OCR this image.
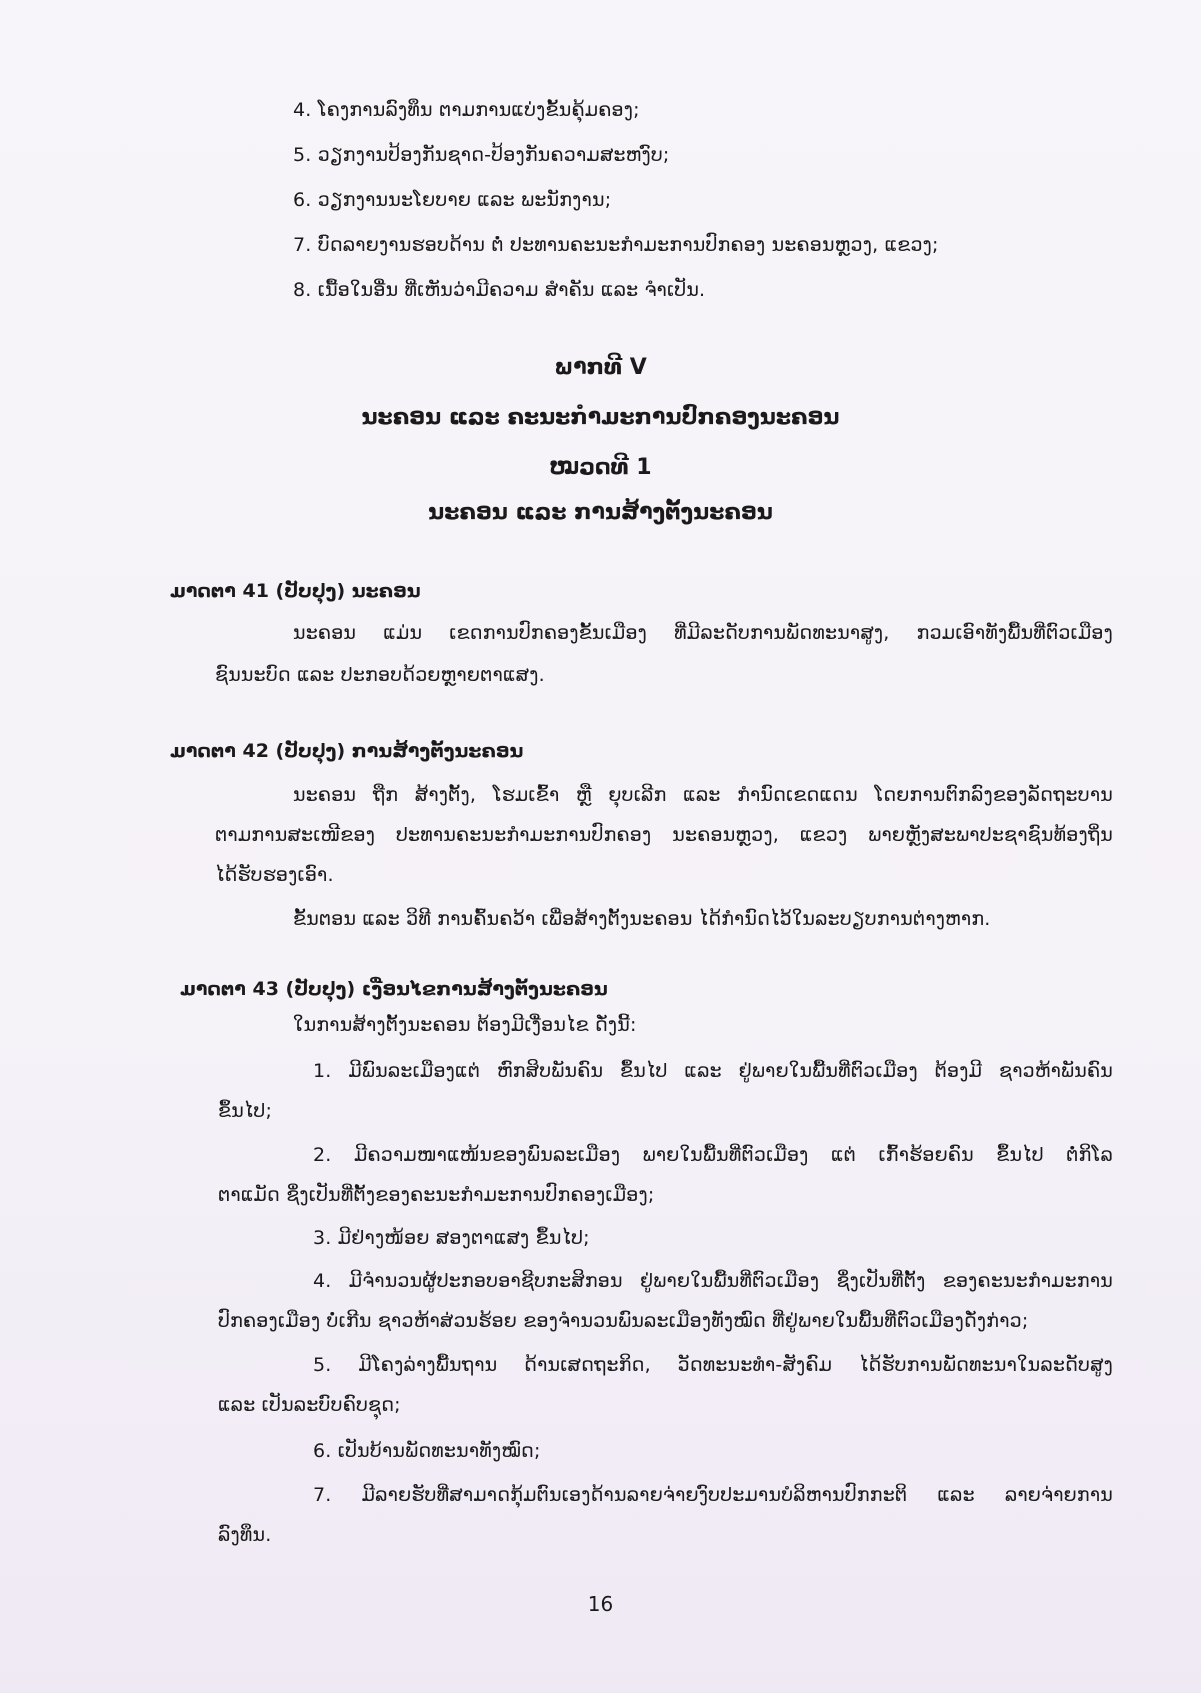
4. ໂຄງການລົງທຶນ ຕາມການແບ່ງຂັ້ນຄຸ້ມຄອງ;
5. ວຽກງານປ້ອງກັນຊາດ-ປ້ອງກັນຄວາມສະຫງົບ;
6. ວຽກງານນະໂຍບາຍ ແລະ ພະນັກງານ;
7. ບົດລາຍງານຮອບດ້ານ ຕໍ່ ປະທານຄະນະກຳມະການປົກຄອງ ນະຄອນຫຼວງ, ແຂວງ;
8. ເນື້ອໃນອື່ນ ທີ່ເຫັນວ່າມີຄວາມ ສຳຄັນ ແລະ ຈຳເປັນ.
ພາກທີ V
ນະຄອນ ແລະ ຄະນະກຳມະການປົກຄອງນະຄອນ
ໝວດທີ 1
ນະຄອນ ແລະ ການສ້າງຕັ້ງນະຄອນ
ມາດຕາ 41 (ປັບປຸງ) ນະຄອນ
ນະຄອນ ແມ່ນ ເຂດການປົກຄອງຂັ້ນເມືອງ ທີ່ມີລະດັບການພັດທະນາສູງ, ກວມເອົາທັງພື້ນທີ່ຕົວເມືອງ
ຊົນນະບົດ ແລະ ປະກອບດ້ວຍຫຼາຍຕາແສງ.
ມາດຕາ 42 (ປັບປຸງ) ການສ້າງຕັ້ງນະຄອນ
ນະຄອນ ຖືກ ສ້າງຕັ້ງ, ໂຮມເຂົ້າ ຫຼື ຍຸບເລີກ ແລະ ກຳນົດເຂດແດນ ໂດຍການຕົກລົງຂອງລັດຖະບານ
ຕາມການສະເໜີຂອງ ປະທານຄະນະກຳມະການປົກຄອງ ນະຄອນຫຼວງ, ແຂວງ ພາຍຫຼັງສະພາປະຊາຊົນທ້ອງຖິ່ນ
ໄດ້ຮັບຮອງເອົາ.
ຂັ້ນຕອນ ແລະ ວິທີ ການຄົ້ນຄວ້າ ເພື່ອສ້າງຕັ້ງນະຄອນ ໄດ້ກຳນົດໄວ້ໃນລະບຽບການຕ່າງຫາກ.
ມາດຕາ 43 (ປັບປຸງ) ເງື່ອນໄຂການສ້າງຕັ້ງນະຄອນ
ໃນການສ້າງຕັ້ງນະຄອນ ຕ້ອງມີເງື່ອນໄຂ ດັ່ງນີ້:
1. ມີພົນລະເມືອງແຕ່ ຫົກສິບພັນຄົນ ຂຶ້ນໄປ ແລະ ຢູ່ພາຍໃນພື້ນທີ່ຕົວເມືອງ ຕ້ອງມີ ຊາວຫ້າພັນຄົນ
ຂຶ້ນໄປ;
2. ມີຄວາມໜາແໜ້ນຂອງພົນລະເມືອງ ພາຍໃນພື້ນທີ່ຕົວເມືອງ ແຕ່ ເກົ້າຮ້ອຍຄົນ ຂຶ້ນໄປ ຕໍ່ກິໂລ
ຕາແມັດ ຊຶ່ງເປັນທີ່ຕັ້ງຂອງຄະນະກຳມະການປົກຄອງເມືອງ;
3. ມີຢ່າງໜ້ອຍ ສອງຕາແສງ ຂຶ້ນໄປ;
4. ມີຈຳນວນຜູ້ປະກອບອາຊີບກະສິກອນ ຢູ່ພາຍໃນພື້ນທີ່ຕົວເມືອງ ຊຶ່ງເປັນທີ່ຕັ້ງ ຂອງຄະນະກຳມະການ
ປົກຄອງເມືອງ ບໍ່ເກີນ ຊາວຫ້າສ່ວນຮ້ອຍ ຂອງຈຳນວນພົນລະເມືອງທັງໝົດ ທີ່ຢູ່ພາຍໃນພື້ນທີ່ຕົວເມືອງດັ່ງກ່າວ;
5. ມີໂຄງລ່າງພື້ນຖານ ດ້ານເສດຖະກິດ, ວັດທະນະທຳ-ສັງຄົມ ໄດ້ຮັບການພັດທະນາໃນລະດັບສູງ
ແລະ ເປັນລະບົບຄົບຊຸດ;
6. ເປັນບ້ານພັດທະນາທັງໝົດ;
7. ມີລາຍຮັບທີ່ສາມາດກຸ້ມຕົນເອງດ້ານລາຍຈ່າຍງົບປະມານບໍລິຫານປົກກະຕິ ແລະ ລາຍຈ່າຍການ
ລົງທຶນ.
16
